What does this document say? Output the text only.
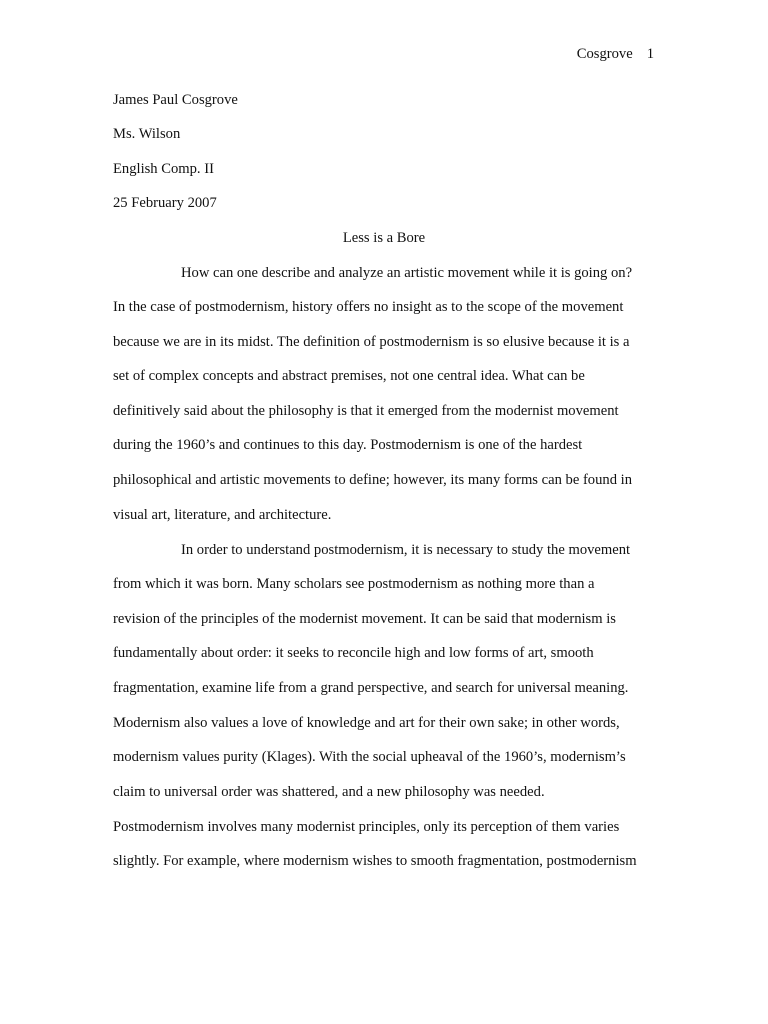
Cosgrove 1
James Paul Cosgrove
Ms. Wilson
English Comp. II
25 February 2007
Less is a Bore
How can one describe and analyze an artistic movement while it is going on?
In the case of postmodernism, history offers no insight as to the scope of the movement
because we are in its midst. The definition of postmodernism is so elusive because it is a
set of complex concepts and abstract premises, not one central idea. What can be
definitively said about the philosophy is that it emerged from the modernist movement
during the 1960’s and continues to this day. Postmodernism is one of the hardest
philosophical and artistic movements to define; however, its many forms can be found in
visual art, literature, and architecture.
In order to understand postmodernism, it is necessary to study the movement
from which it was born. Many scholars see postmodernism as nothing more than a
revision of the principles of the modernist movement. It can be said that modernism is
fundamentally about order: it seeks to reconcile high and low forms of art, smooth
fragmentation, examine life from a grand perspective, and search for universal meaning.
Modernism also values a love of knowledge and art for their own sake; in other words,
modernism values purity (Klages). With the social upheaval of the 1960’s, modernism’s
claim to universal order was shattered, and a new philosophy was needed.
Postmodernism involves many modernist principles, only its perception of them varies
slightly. For example, where modernism wishes to smooth fragmentation, postmodernism
